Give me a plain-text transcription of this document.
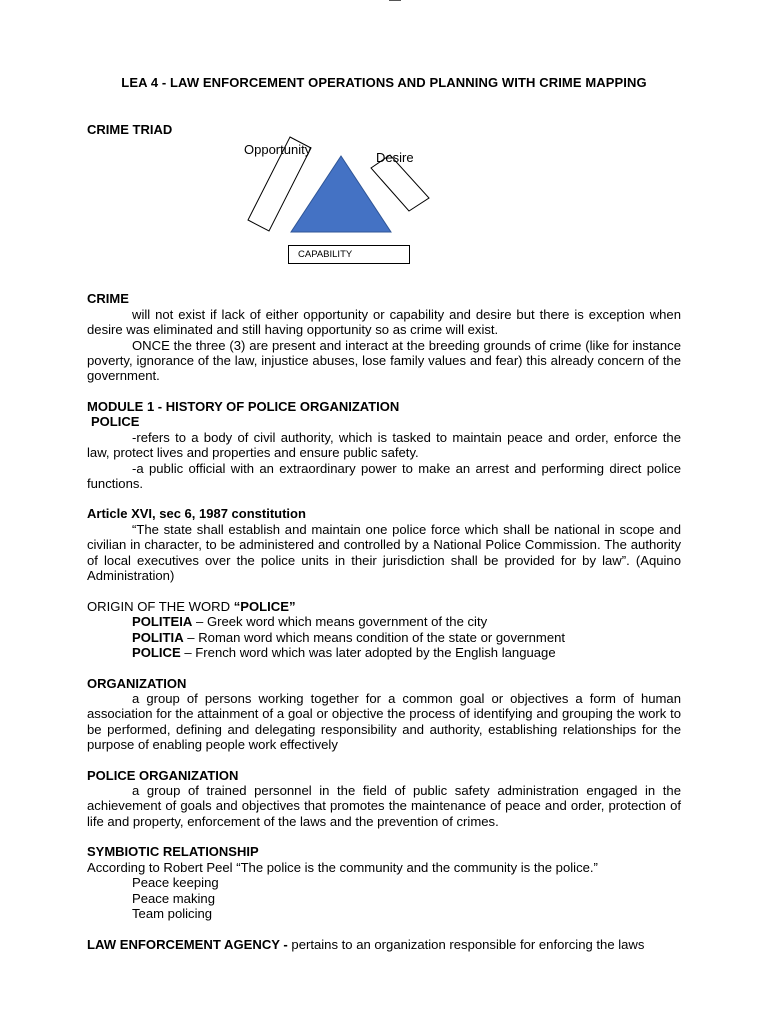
LEA 4 - LAW ENFORCEMENT OPERATIONS AND PLANNING WITH CRIME MAPPING
CRIME TRIAD
Opportunity
Desire
CAPABILITY
CRIME

will not exist if lack of either opportunity or capability and desire but there is exception when desire was eliminated and still having opportunity so as crime will exist.

ONCE the three (3) are present and interact at the breeding grounds of crime (like for instance poverty, ignorance of the law, injustice abuses, lose family values and fear) this already concern of the government.

MODULE 1 - HISTORY OF POLICE ORGANIZATION
POLICE

-refers to a body of civil authority, which is tasked to maintain peace and order, enforce the law, protect lives and properties and ensure public safety.

-a public official with an extraordinary power to make an arrest and performing direct police functions.

Article XVI, sec 6, 1987 constitution

“The state shall establish and maintain one police force which shall be national in scope and civilian in character, to be administered and controlled by a National Police Commission. The authority of local executives over the police units in their jurisdiction shall be provided for by law”. (Aquino Administration)

ORIGIN OF THE WORD “POLICE”

POLITEIA – Greek word which means government of the city

POLITIA – Roman word which means condition of the state or government

POLICE – French word which was later adopted by the English language

ORGANIZATION

a group of persons working together for a common goal or objectives a form of human association for the attainment of a goal or objective the process of identifying and grouping the work to be performed, defining and delegating responsibility and authority, establishing relationships for the purpose of enabling people work effectively

POLICE ORGANIZATION

a group of trained personnel in the field of public safety administration engaged in the achievement of goals and objectives that promotes the maintenance of peace and order, protection of life and property, enforcement of the laws and the prevention of crimes.

SYMBIOTIC RELATIONSHIP

According to Robert Peel “The police is the community and the community is the police.”

Peace keeping

Peace making

Team policing

LAW ENFORCEMENT AGENCY - pertains to an organization responsible for enforcing the laws
